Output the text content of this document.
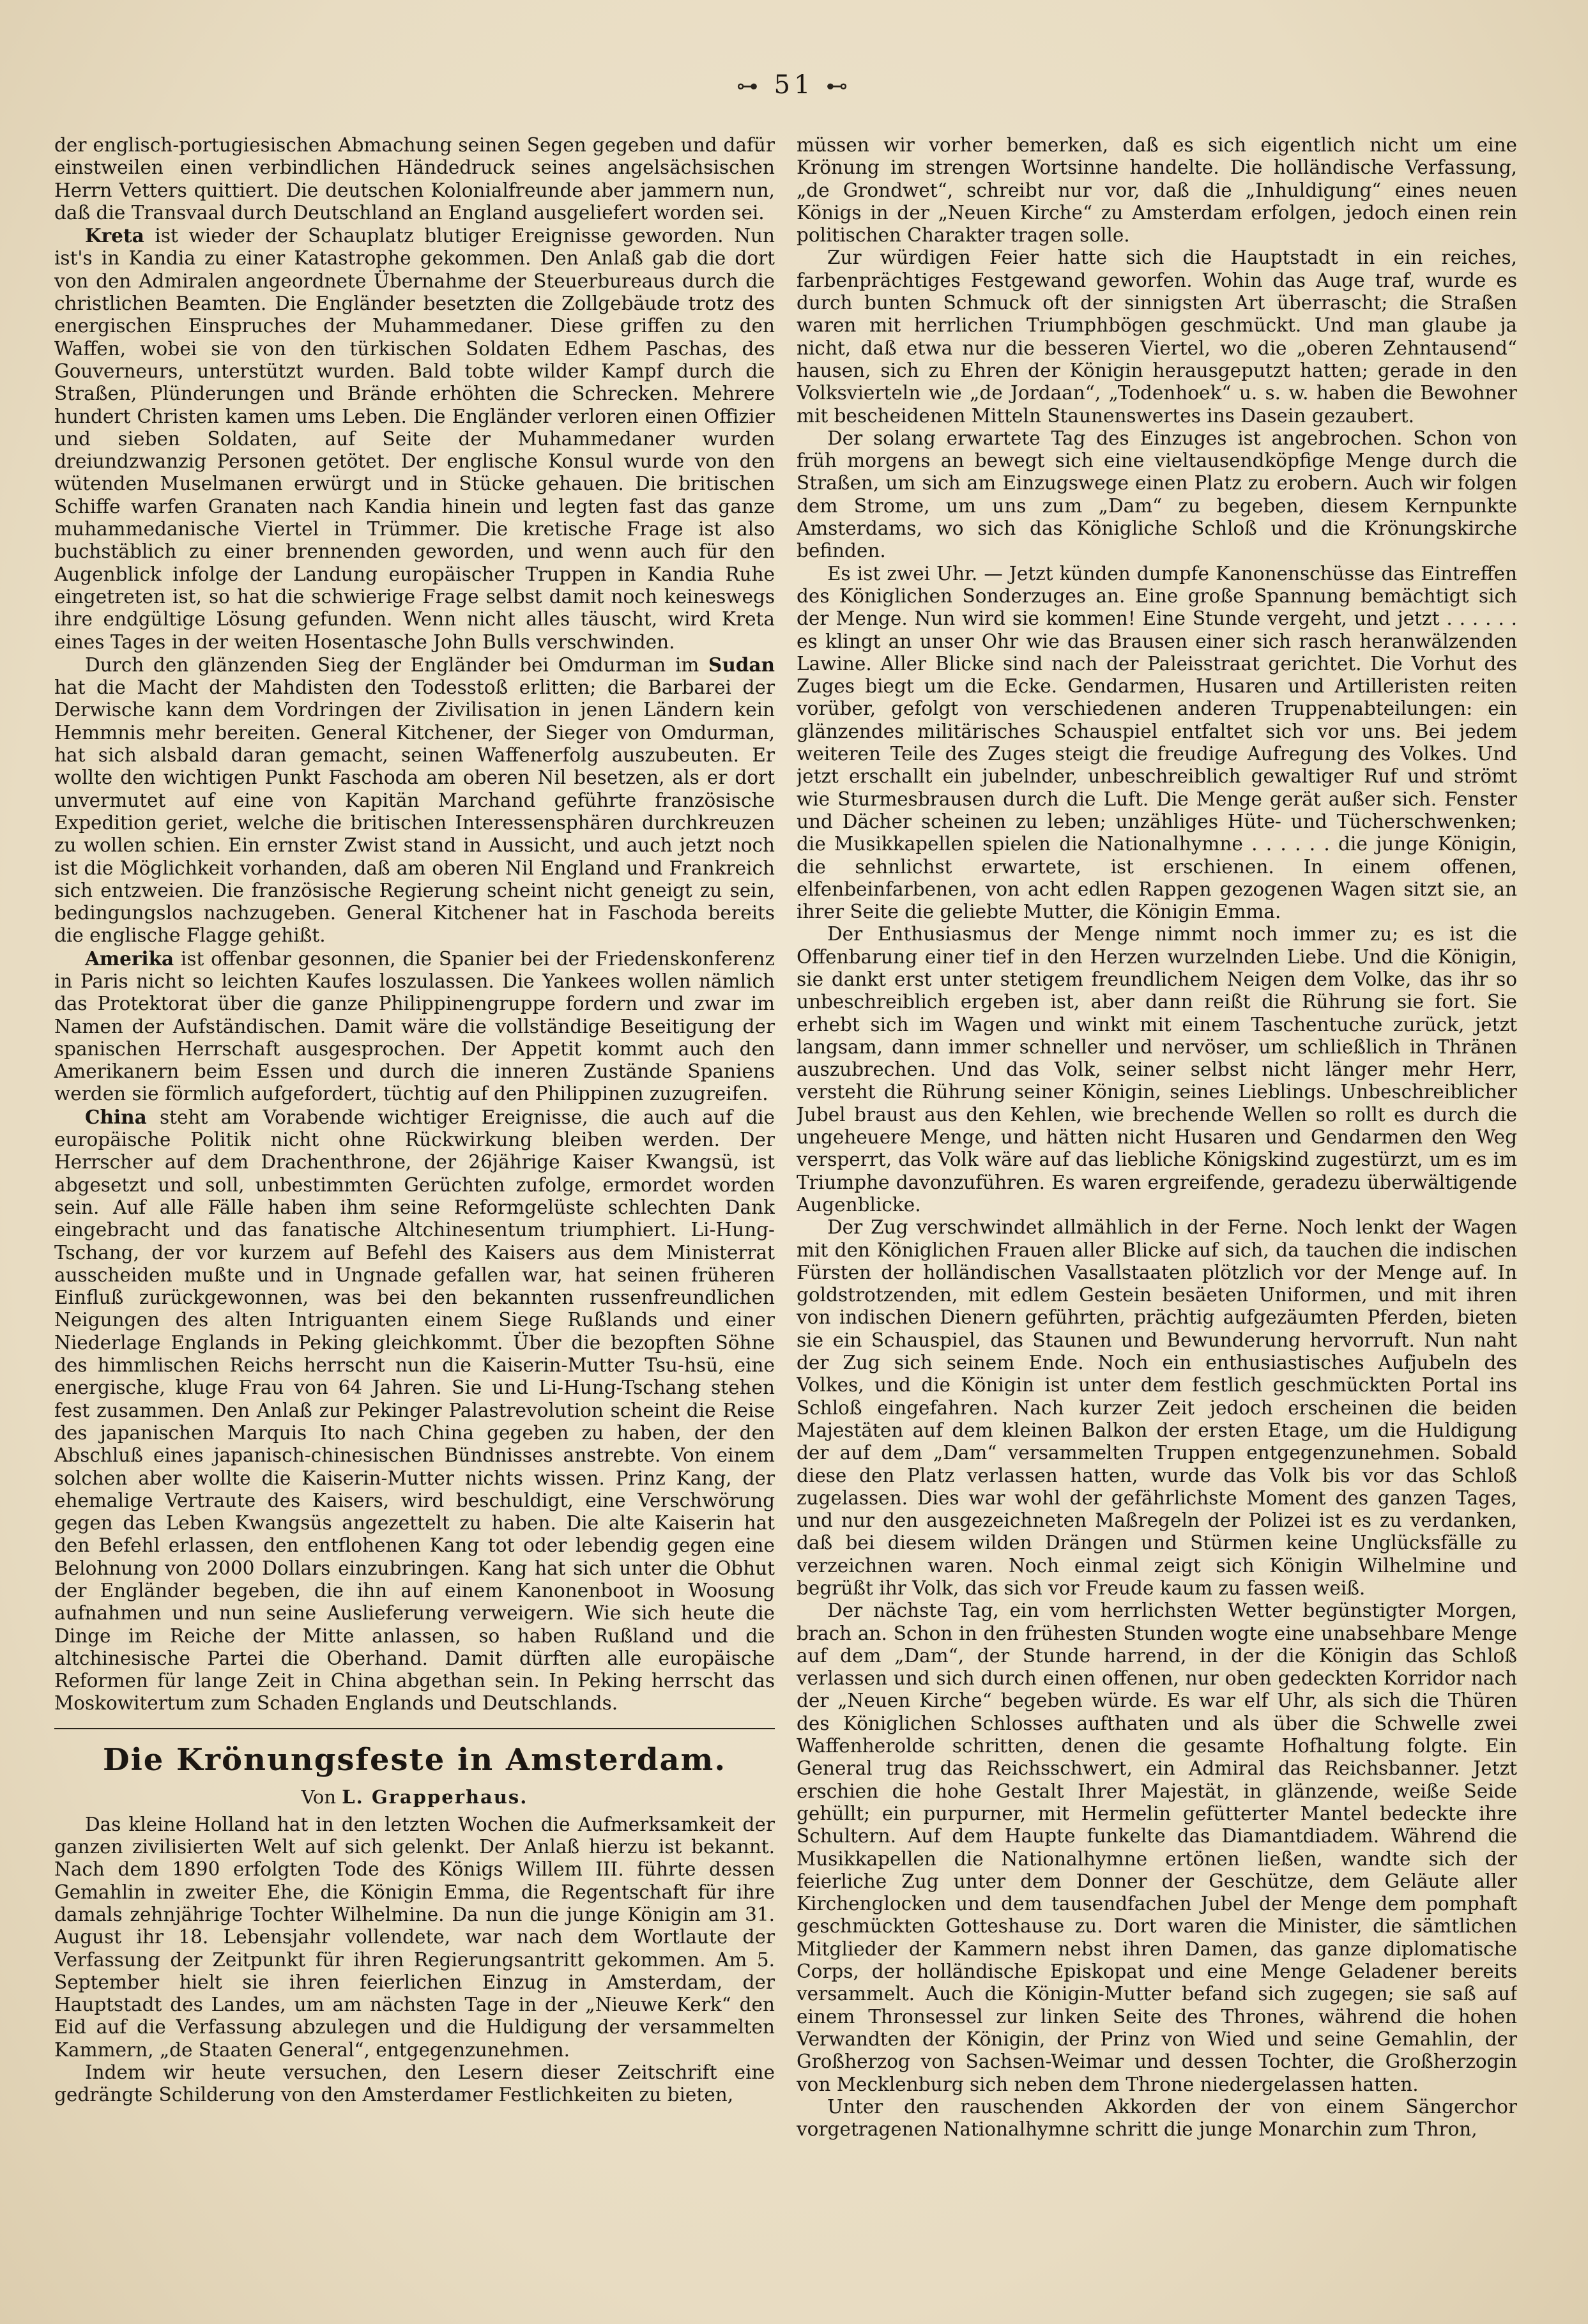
⊶ 51 ⊷

der englisch-portugiesischen Abmachung seinen Segen gegeben und dafür einstweilen einen verbindlichen Händedruck seines angelsächsischen Herrn Vetters quittiert. Die deutschen Kolonialfreunde aber jammern nun, daß die Transvaal durch Deutschland an England ausgeliefert worden sei.

Kreta ist wieder der Schauplatz blutiger Ereignisse geworden. Nun ist's in Kandia zu einer Katastrophe gekommen. Den Anlaß gab die dort von den Admiralen angeordnete Übernahme der Steuerbureaus durch die christlichen Beamten. Die Engländer besetzten die Zollgebäude trotz des energischen Einspruches der Muhammedaner. Diese griffen zu den Waffen, wobei sie von den türkischen Soldaten Edhem Paschas, des Gouverneurs, unterstützt wurden. Bald tobte wilder Kampf durch die Straßen, Plünderungen und Brände erhöhten die Schrecken. Mehrere hundert Christen kamen ums Leben. Die Engländer verloren einen Offizier und sieben Soldaten, auf Seite der Muhammedaner wurden dreiundzwanzig Personen getötet. Der englische Konsul wurde von den wütenden Muselmanen erwürgt und in Stücke gehauen. Die britischen Schiffe warfen Granaten nach Kandia hinein und legten fast das ganze muhammedanische Viertel in Trümmer. Die kretische Frage ist also buchstäblich zu einer brennenden geworden, und wenn auch für den Augenblick infolge der Landung europäischer Truppen in Kandia Ruhe eingetreten ist, so hat die schwierige Frage selbst damit noch keineswegs ihre endgültige Lösung gefunden. Wenn nicht alles täuscht, wird Kreta eines Tages in der weiten Hosentasche John Bulls verschwinden.

Durch den glänzenden Sieg der Engländer bei Omdurman im Sudan hat die Macht der Mahdisten den Todesstoß erlitten; die Barbarei der Derwische kann dem Vordringen der Zivilisation in jenen Ländern kein Hemmnis mehr bereiten. General Kitchener, der Sieger von Omdurman, hat sich alsbald daran gemacht, seinen Waffenerfolg auszubeuten. Er wollte den wichtigen Punkt Faschoda am oberen Nil besetzen, als er dort unvermutet auf eine von Kapitän Marchand geführte französische Expedition geriet, welche die britischen Interessensphären durchkreuzen zu wollen schien. Ein ernster Zwist stand in Aussicht, und auch jetzt noch ist die Möglichkeit vorhanden, daß am oberen Nil England und Frankreich sich entzweien. Die französische Regierung scheint nicht geneigt zu sein, bedingungslos nachzugeben. General Kitchener hat in Faschoda bereits die englische Flagge gehißt.

Amerika ist offenbar gesonnen, die Spanier bei der Friedenskonferenz in Paris nicht so leichten Kaufes loszulassen. Die Yankees wollen nämlich das Protektorat über die ganze Philippinengruppe fordern und zwar im Namen der Aufständischen. Damit wäre die vollständige Beseitigung der spanischen Herrschaft ausgesprochen. Der Appetit kommt auch den Amerikanern beim Essen und durch die inneren Zustände Spaniens werden sie förmlich aufgefordert, tüchtig auf den Philippinen zuzugreifen.

China steht am Vorabende wichtiger Ereignisse, die auch auf die europäische Politik nicht ohne Rückwirkung bleiben werden. Der Herrscher auf dem Drachenthrone, der 26jährige Kaiser Kwangsü, ist abgesetzt und soll, unbestimmten Gerüchten zufolge, ermordet worden sein. Auf alle Fälle haben ihm seine Reformgelüste schlechten Dank eingebracht und das fanatische Altchinesentum triumphiert. Li-Hung-Tschang, der vor kurzem auf Befehl des Kaisers aus dem Ministerrat ausscheiden mußte und in Ungnade gefallen war, hat seinen früheren Einfluß zurückgewonnen, was bei den bekannten russenfreundlichen Neigungen des alten Intriguanten einem Siege Rußlands und einer Niederlage Englands in Peking gleichkommt. Über die bezopften Söhne des himmlischen Reichs herrscht nun die Kaiserin-Mutter Tsu-hsü, eine energische, kluge Frau von 64 Jahren. Sie und Li-Hung-Tschang stehen fest zusammen. Den Anlaß zur Pekinger Palastrevolution scheint die Reise des japanischen Marquis Ito nach China gegeben zu haben, der den Abschluß eines japanisch-chinesischen Bündnisses anstrebte. Von einem solchen aber wollte die Kaiserin-Mutter nichts wissen. Prinz Kang, der ehemalige Vertraute des Kaisers, wird beschuldigt, eine Verschwörung gegen das Leben Kwangsüs angezettelt zu haben. Die alte Kaiserin hat den Befehl erlassen, den entflohenen Kang tot oder lebendig gegen eine Belohnung von 2000 Dollars einzubringen. Kang hat sich unter die Obhut der Engländer begeben, die ihn auf einem Kanonenboot in Woosung aufnahmen und nun seine Auslieferung verweigern. Wie sich heute die Dinge im Reiche der Mitte anlassen, so haben Rußland und die altchinesische Partei die Oberhand. Damit dürften alle europäische Reformen für lange Zeit in China abgethan sein. In Peking herrscht das Moskowitertum zum Schaden Englands und Deutschlands.

Die Krönungsfeste in Amsterdam.
Von L. Grapperhaus.

Das kleine Holland hat in den letzten Wochen die Aufmerksamkeit der ganzen zivilisierten Welt auf sich gelenkt. Der Anlaß hierzu ist bekannt. Nach dem 1890 erfolgten Tode des Königs Willem III. führte dessen Gemahlin in zweiter Ehe, die Königin Emma, die Regentschaft für ihre damals zehnjährige Tochter Wilhelmine. Da nun die junge Königin am 31. August ihr 18. Lebensjahr vollendete, war nach dem Wortlaute der Verfassung der Zeitpunkt für ihren Regierungsantritt gekommen. Am 5. September hielt sie ihren feierlichen Einzug in Amsterdam, der Hauptstadt des Landes, um am nächsten Tage in der „Nieuwe Kerk“ den Eid auf die Verfassung abzulegen und die Huldigung der versammelten Kammern, „de Staaten General“, entgegenzunehmen.

Indem wir heute versuchen, den Lesern dieser Zeitschrift eine gedrängte Schilderung von den Amsterdamer Festlichkeiten zu bieten,

müssen wir vorher bemerken, daß es sich eigentlich nicht um eine Krönung im strengen Wortsinne handelte. Die holländische Verfassung, „de Grondwet“, schreibt nur vor, daß die „Inhuldigung“ eines neuen Königs in der „Neuen Kirche“ zu Amsterdam erfolgen, jedoch einen rein politischen Charakter tragen solle.

Zur würdigen Feier hatte sich die Hauptstadt in ein reiches, farbenprächtiges Festgewand geworfen. Wohin das Auge traf, wurde es durch bunten Schmuck oft der sinnigsten Art überrascht; die Straßen waren mit herrlichen Triumphbögen geschmückt. Und man glaube ja nicht, daß etwa nur die besseren Viertel, wo die „oberen Zehntausend“ hausen, sich zu Ehren der Königin herausgeputzt hatten; gerade in den Volksvierteln wie „de Jordaan“, „Todenhoek“ u. s. w. haben die Bewohner mit bescheidenen Mitteln Staunenswertes ins Dasein gezaubert.

Der solang erwartete Tag des Einzuges ist angebrochen. Schon von früh morgens an bewegt sich eine vieltausendköpfige Menge durch die Straßen, um sich am Einzugswege einen Platz zu erobern. Auch wir folgen dem Strome, um uns zum „Dam“ zu begeben, diesem Kernpunkte Amsterdams, wo sich das Königliche Schloß und die Krönungskirche befinden.

Es ist zwei Uhr. — Jetzt künden dumpfe Kanonenschüsse das Eintreffen des Königlichen Sonderzuges an. Eine große Spannung bemächtigt sich der Menge. Nun wird sie kommen! Eine Stunde vergeht, und jetzt . . . . . . es klingt an unser Ohr wie das Brausen einer sich rasch heranwälzenden Lawine. Aller Blicke sind nach der Paleisstraat gerichtet. Die Vorhut des Zuges biegt um die Ecke. Gendarmen, Husaren und Artilleristen reiten vorüber, gefolgt von verschiedenen anderen Truppenabteilungen: ein glänzendes militärisches Schauspiel entfaltet sich vor uns. Bei jedem weiteren Teile des Zuges steigt die freudige Aufregung des Volkes. Und jetzt erschallt ein jubelnder, unbeschreiblich gewaltiger Ruf und strömt wie Sturmesbrausen durch die Luft. Die Menge gerät außer sich. Fenster und Dächer scheinen zu leben; unzähliges Hüte- und Tücherschwenken; die Musikkapellen spielen die Nationalhymne . . . . . . die junge Königin, die sehnlichst erwartete, ist erschienen. In einem offenen, elfenbeinfarbenen, von acht edlen Rappen gezogenen Wagen sitzt sie, an ihrer Seite die geliebte Mutter, die Königin Emma.

Der Enthusiasmus der Menge nimmt noch immer zu; es ist die Offenbarung einer tief in den Herzen wurzelnden Liebe. Und die Königin, sie dankt erst unter stetigem freundlichem Neigen dem Volke, das ihr so unbeschreiblich ergeben ist, aber dann reißt die Rührung sie fort. Sie erhebt sich im Wagen und winkt mit einem Taschentuche zurück, jetzt langsam, dann immer schneller und nervöser, um schließlich in Thränen auszubrechen. Und das Volk, seiner selbst nicht länger mehr Herr, versteht die Rührung seiner Königin, seines Lieblings. Unbeschreiblicher Jubel braust aus den Kehlen, wie brechende Wellen so rollt es durch die ungeheuere Menge, und hätten nicht Husaren und Gendarmen den Weg versperrt, das Volk wäre auf das liebliche Königskind zugestürzt, um es im Triumphe davonzuführen. Es waren ergreifende, geradezu überwältigende Augenblicke.

Der Zug verschwindet allmählich in der Ferne. Noch lenkt der Wagen mit den Königlichen Frauen aller Blicke auf sich, da tauchen die indischen Fürsten der holländischen Vasallstaaten plötzlich vor der Menge auf. In goldstrotzenden, mit edlem Gestein besäeten Uniformen, und mit ihren von indischen Dienern geführten, prächtig aufgezäumten Pferden, bieten sie ein Schauspiel, das Staunen und Bewunderung hervorruft. Nun naht der Zug sich seinem Ende. Noch ein enthusiastisches Aufjubeln des Volkes, und die Königin ist unter dem festlich geschmückten Portal ins Schloß eingefahren. Nach kurzer Zeit jedoch erscheinen die beiden Majestäten auf dem kleinen Balkon der ersten Etage, um die Huldigung der auf dem „Dam“ versammelten Truppen entgegenzunehmen. Sobald diese den Platz verlassen hatten, wurde das Volk bis vor das Schloß zugelassen. Dies war wohl der gefährlichste Moment des ganzen Tages, und nur den ausgezeichneten Maßregeln der Polizei ist es zu verdanken, daß bei diesem wilden Drängen und Stürmen keine Unglücksfälle zu verzeichnen waren. Noch einmal zeigt sich Königin Wilhelmine und begrüßt ihr Volk, das sich vor Freude kaum zu fassen weiß.

Der nächste Tag, ein vom herrlichsten Wetter begünstigter Morgen, brach an. Schon in den frühesten Stunden wogte eine unabsehbare Menge auf dem „Dam“, der Stunde harrend, in der die Königin das Schloß verlassen und sich durch einen offenen, nur oben gedeckten Korridor nach der „Neuen Kirche“ begeben würde. Es war elf Uhr, als sich die Thüren des Königlichen Schlosses aufthaten und als über die Schwelle zwei Waffenherolde schritten, denen die gesamte Hofhaltung folgte. Ein General trug das Reichsschwert, ein Admiral das Reichsbanner. Jetzt erschien die hohe Gestalt Ihrer Majestät, in glänzende, weiße Seide gehüllt; ein purpurner, mit Hermelin gefütterter Mantel bedeckte ihre Schultern. Auf dem Haupte funkelte das Diamantdiadem. Während die Musikkapellen die Nationalhymne ertönen ließen, wandte sich der feierliche Zug unter dem Donner der Geschütze, dem Geläute aller Kirchenglocken und dem tausendfachen Jubel der Menge dem pomphaft geschmückten Gotteshause zu. Dort waren die Minister, die sämtlichen Mitglieder der Kammern nebst ihren Damen, das ganze diplomatische Corps, der holländische Episkopat und eine Menge Geladener bereits versammelt. Auch die Königin-Mutter befand sich zugegen; sie saß auf einem Thronsessel zur linken Seite des Thrones, während die hohen Verwandten der Königin, der Prinz von Wied und seine Gemahlin, der Großherzog von Sachsen-Weimar und dessen Tochter, die Großherzogin von Mecklenburg sich neben dem Throne niedergelassen hatten.

Unter den rauschenden Akkorden der von einem Sängerchor vorgetragenen Nationalhymne schritt die junge Monarchin zum Thron,
